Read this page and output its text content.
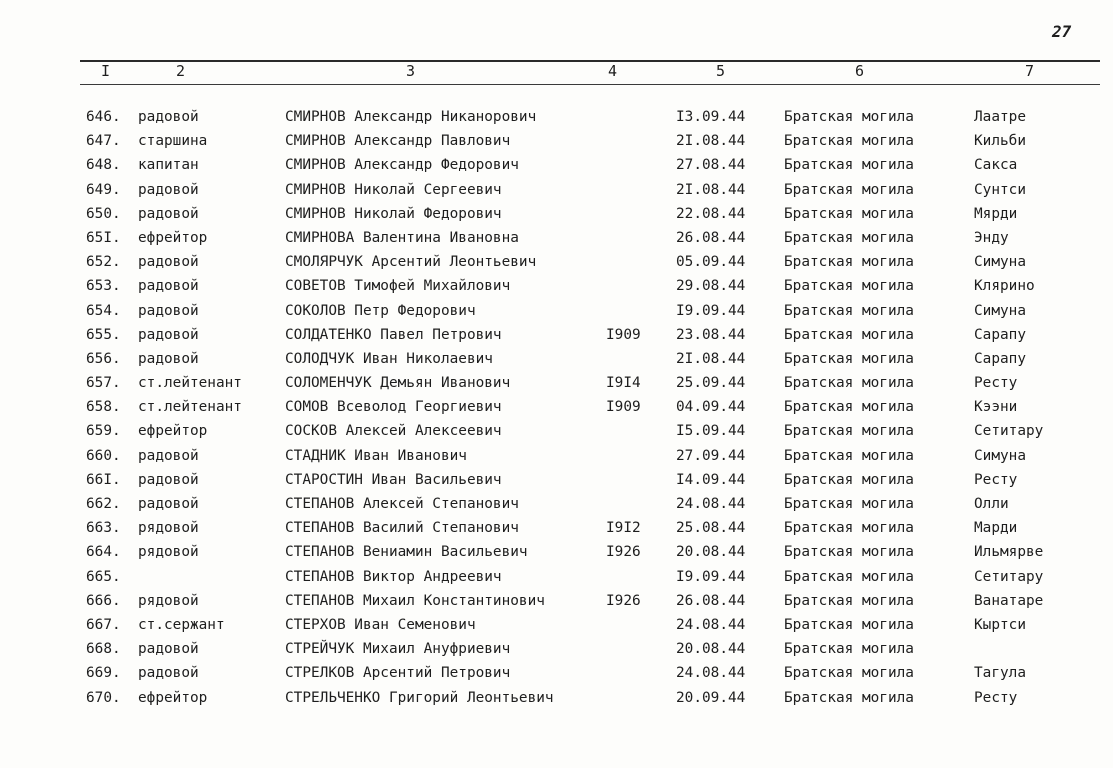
27
I	2	3	4	5	6	7
646. радовой	СМИРНОВ Александр Никанорович	I3.09.44	Братская могила	Лаатре
647. старшина	СМИРНОВ Александр Павлович	2I.08.44	Братская могила	Кильби
648. капитан	СМИРНОВ Александр Федорович	27.08.44	Братская могила	Сакса
649. радовой	СМИРНОВ Николай Сергеевич	2I.08.44	Братская могила	Сунтси
650. радовой	СМИРНОВ Николай Федорович	22.08.44	Братская могила	Мярди
65I. ефрейтор	СМИРНОВА Валентина Ивановна	26.08.44	Братская могила	Энду
652. радовой	СМОЛЯРЧУК Арсентий Леонтьевич	05.09.44	Братская могила	Симуна
653. радовой	СОВЕТОВ Тимофей Михайлович	29.08.44	Братская могила	Клярино
654. радовой	СОКОЛОВ Петр Федорович	I9.09.44	Братская могила	Симуна
655. радовой	СОЛДАТЕНКО Павел Петрович	I909 23.08.44	Братская могила	Сарапу
656. радовой	СОЛОДЧУК Иван Николаевич	2I.08.44	Братская могила	Сарапу
657. ст.лейтенант	СОЛОМЕНЧУК Демьян Иванович	I9I4 25.09.44	Братская могила	Ресту
658. ст.лейтенант	СОМОВ Всеволод Георгиевич	I909 04.09.44	Братская могила	Кээни
659. ефрейтор	СОСКОВ Алексей Алексеевич	I5.09.44	Братская могила	Сетитару
660. радовой	СТАДНИК Иван Иванович	27.09.44	Братская могила	Симуна
66I. радовой	СТАРОСТИН Иван Васильевич	I4.09.44	Братская могила	Ресту
662. радовой	СТЕПАНОВ Алексей Степанович	24.08.44	Братская могила	Олли
663. рядовой	СТЕПАНОВ Василий Степанович	I9I2 25.08.44	Братская могила	Марди
664. рядовой	СТЕПАНОВ Вениамин Васильевич	I926 20.08.44	Братская могила	Ильмярве
665.	СТЕПАНОВ Виктор Андреевич	I9.09.44	Братская могила	Сетитару
666. рядовой	СТЕПАНОВ Михаил Константинович	I926 26.08.44	Братская могила	Ванатаре
667. ст.сержант	СТЕРХОВ Иван Семенович	24.08.44	Братская могила	Кыртси
668. радовой	СТРЕЙЧУК Михаил Ануфриевич	20.08.44	Братская могила
669. радовой	СТРЕЛКОВ Арсентий Петрович	24.08.44	Братская могила	Тагула
670. ефрейтор	СТРЕЛЬЧЕНКО Григорий Леонтьевич	20.09.44	Братская могила	Ресту
